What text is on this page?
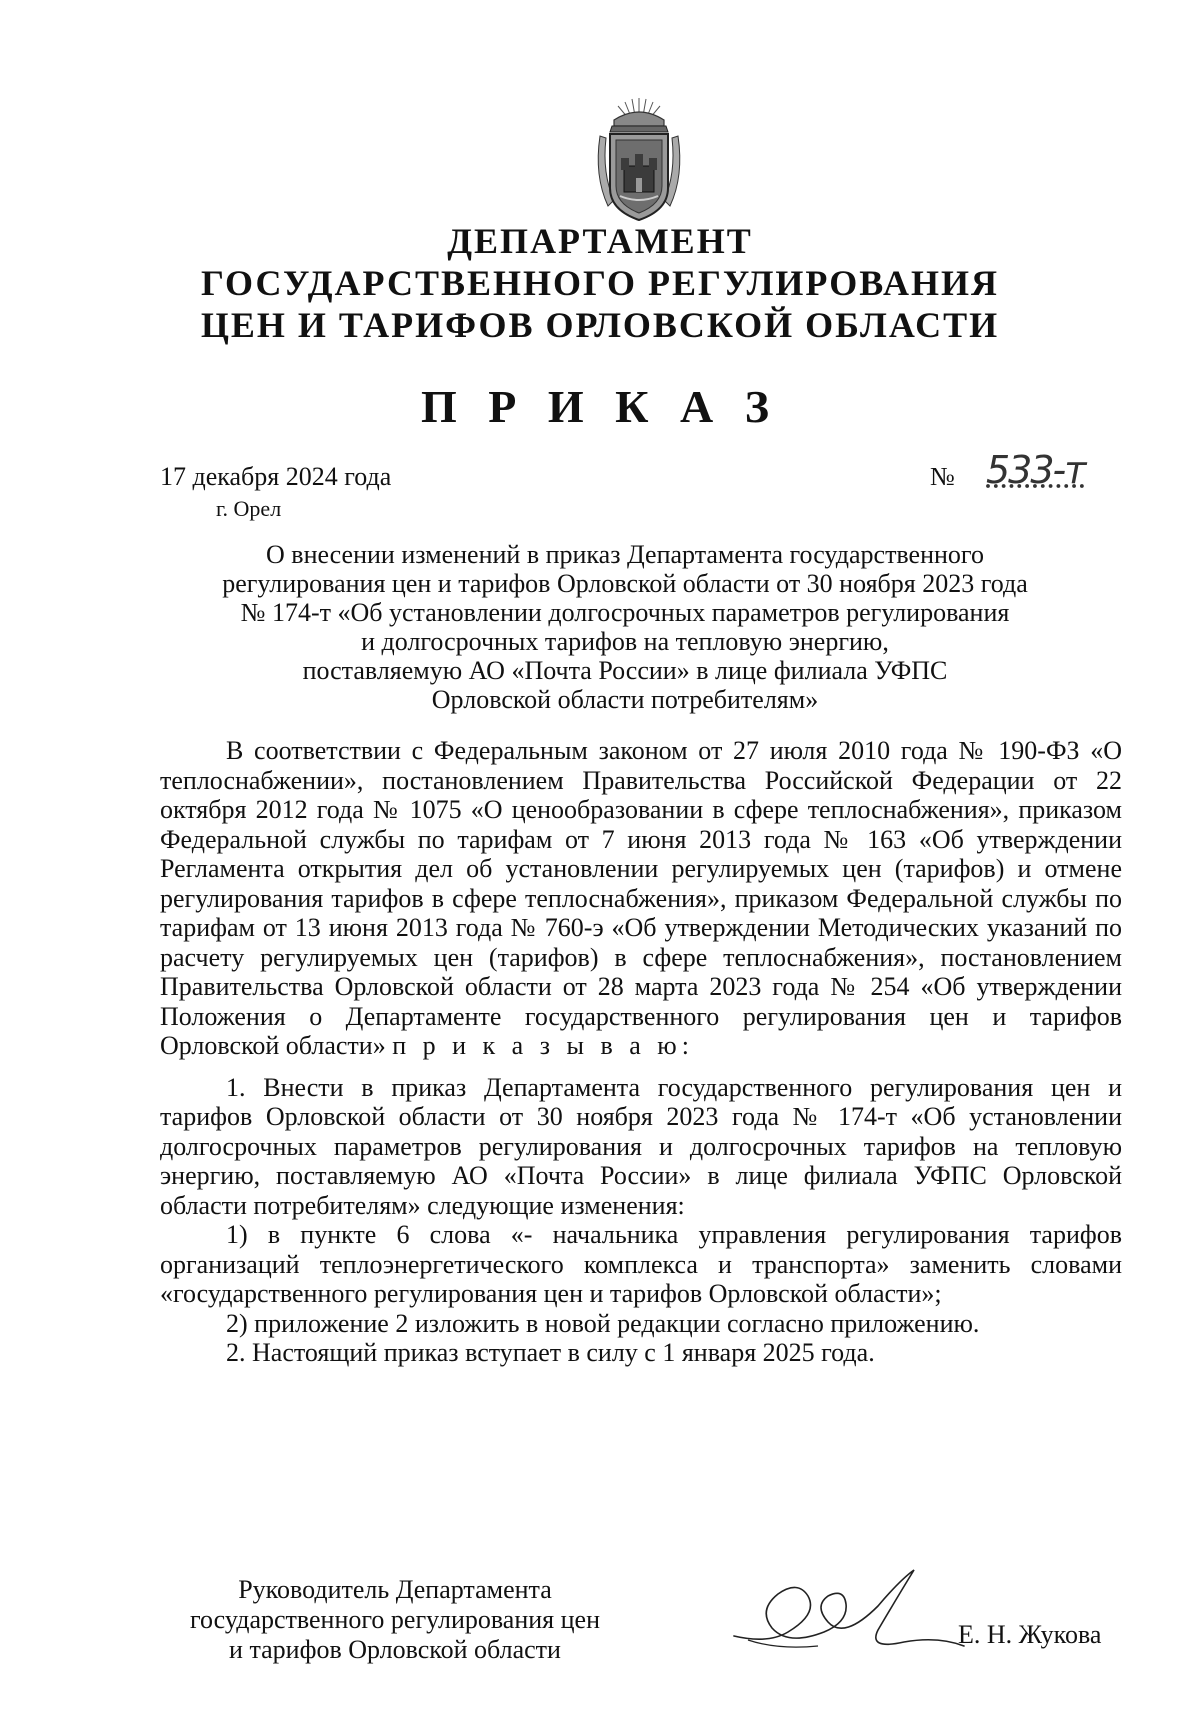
ДЕПАРТАМЕНТ
ГОСУДАРСТВЕННОГО РЕГУЛИРОВАНИЯ
ЦЕН И ТАРИФОВ ОРЛОВСКОЙ ОБЛАСТИ
П Р И К А З
17 декабря 2024 года
г. Орел
№ 533-т

О внесении изменений в приказ Департамента государственного

регулирования цен и тарифов Орловской области от 30 ноября 2023 года

№ 174-т «Об установлении долгосрочных параметров регулирования

и долгосрочных тарифов на тепловую энергию,

поставляемую АО «Почта России» в лице филиала УФПС

Орловской области потребителям»

В соответствии с Федеральным законом от 27 июля 2010 года № 190-ФЗ «О теплоснабжении», постановлением Правительства Российской Федерации от 22 октября 2012 года № 1075 «О ценообразовании в сфере теплоснабжения», приказом Федеральной службы по тарифам от 7 июня 2013 года № 163 «Об утверждении Регламента открытия дел об установлении регулируемых цен (тарифов) и отмене регулирования тарифов в сфере теплоснабжения», приказом Федеральной службы по тарифам от 13 июня 2013 года № 760-э «Об утверждении Методических указаний по расчету регулируемых цен (тарифов) в сфере теплоснабжения», постановлением Правительства Орловской области от 28 марта 2023 года № 254 «Об утверждении Положения о Департаменте государственного регулирования цен и тарифов Орловской области» п р и к а з ы в а ю:

1. Внести в приказ Департамента государственного регулирования цен и тарифов Орловской области от 30 ноября 2023 года № 174-т «Об установлении долгосрочных параметров регулирования и долгосрочных тарифов на тепловую энергию, поставляемую АО «Почта России» в лице филиала УФПС Орловской области потребителям» следующие изменения:

1) в пункте 6 слова «- начальника управления регулирования тарифов организаций теплоэнергетического комплекса и транспорта» заменить словами «государственного регулирования цен и тарифов Орловской области»;

2) приложение 2 изложить в новой редакции согласно приложению.

2. Настоящий приказ вступает в силу с 1 января 2025 года.

Руководитель Департамента

государственного регулирования цен

и тарифов Орловской области

Е. Н. Жукова
